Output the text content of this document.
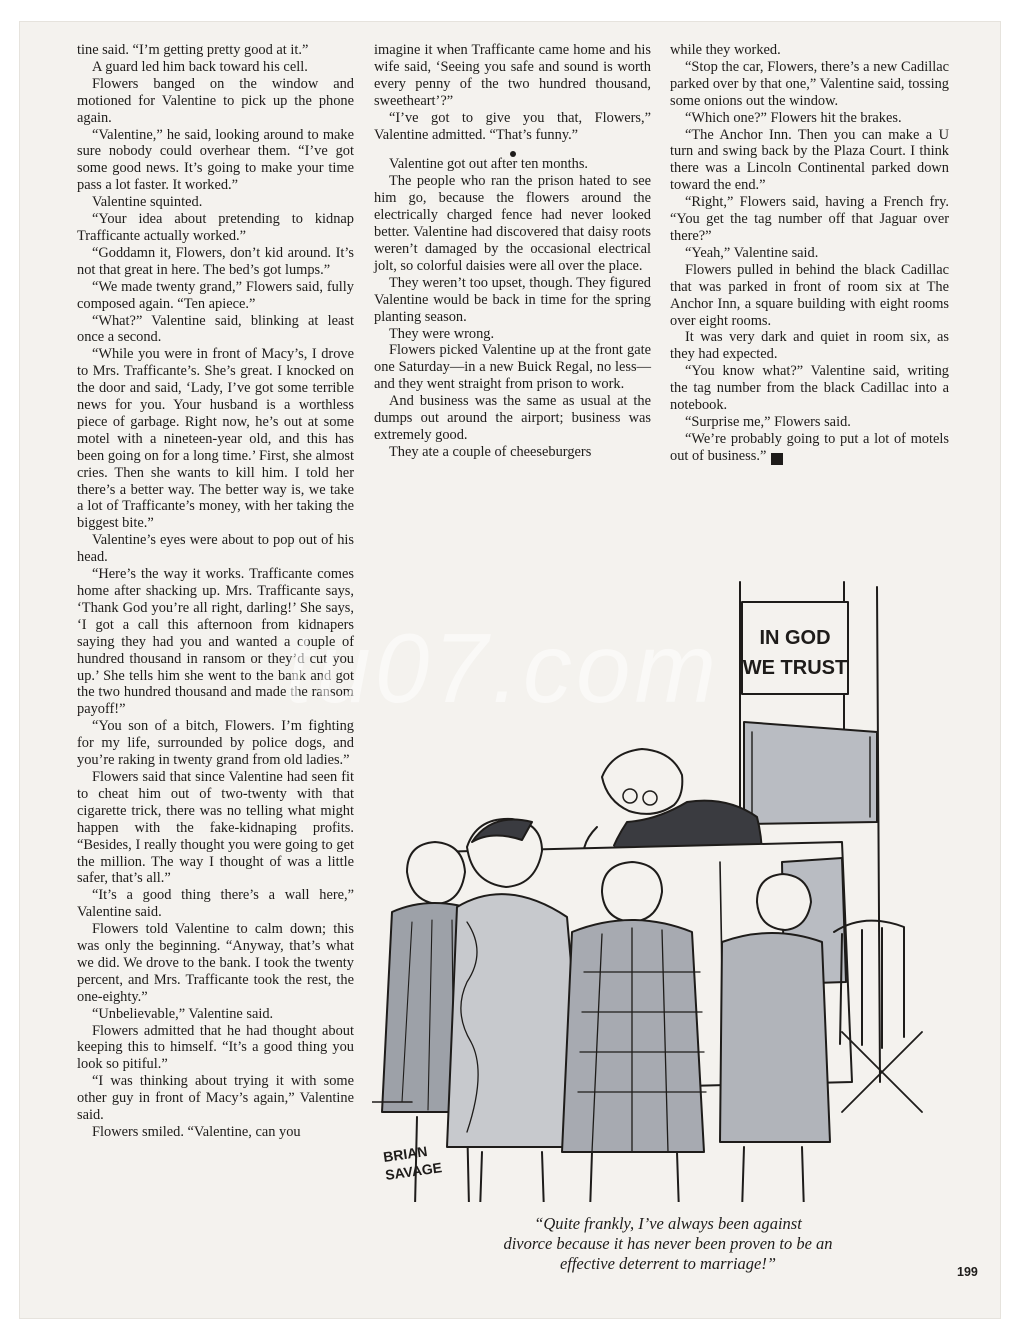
tine said. “I’m getting pretty good at it.”

A guard led him back toward his cell.

Flowers banged on the window and motioned for Valentine to pick up the phone again.

“Valentine,” he said, looking around to make sure nobody could overhear them. “I’ve got some good news. It’s going to make your time pass a lot faster. It worked.”

Valentine squinted.

“Your idea about pretending to kidnap Trafficante actually worked.”

“Goddamn it, Flowers, don’t kid around. It’s not that great in here. The bed’s got lumps.”

“We made twenty grand,” Flowers said, fully composed again. “Ten apiece.”

“What?” Valentine said, blinking at least once a second.

“While you were in front of Macy’s, I drove to Mrs. Trafficante’s. She’s great. I knocked on the door and said, ‘Lady, I’ve got some terrible news for you. Your husband is a worthless piece of garbage. Right now, he’s out at some motel with a nineteen-year old, and this has been going on for a long time.’ First, she almost cries. Then she wants to kill him. I told her there’s a better way. The better way is, we take a lot of Trafficante’s money, with her taking the biggest bite.”

Valentine’s eyes were about to pop out of his head.

“Here’s the way it works. Trafficante comes home after shacking up. Mrs. Trafficante says, ‘Thank God you’re all right, darling!’ She says, ‘I got a call this afternoon from kidnapers saying they had you and wanted a couple of hundred thousand in ransom or they’d cut you up.’ She tells him she went to the bank and got the two hundred thousand and made the ransom payoff!”

“You son of a bitch, Flowers. I’m fighting for my life, surrounded by police dogs, and you’re raking in twenty grand from old ladies.”

Flowers said that since Valentine had seen fit to cheat him out of two-twenty with that cigarette trick, there was no telling what might happen with the fake-kidnaping profits. “Besides, I really thought you were going to get the million. The way I thought of was a little safer, that’s all.”

“It’s a good thing there’s a wall here,” Valentine said.

Flowers told Valentine to calm down; this was only the beginning. “Anyway, that’s what we did. We drove to the bank. I took the twenty percent, and Mrs. Trafficante took the rest, the one-eighty.”

“Unbelievable,” Valentine said.

Flowers admitted that he had thought about keeping this to himself. “It’s a good thing you look so pitiful.”

“I was thinking about trying it with some other guy in front of Macy’s again,” Valentine said.

Flowers smiled. “Valentine, can you

imagine it when Trafficante came home and his wife said, ‘Seeing you safe and sound is worth every penny of the two hundred thousand, sweetheart’?”

“I’ve got to give you that, Flowers,” Valentine admitted. “That’s funny.”

Valentine got out after ten months.

The people who ran the prison hated to see him go, because the flowers around the electrically charged fence had never looked better. Valentine had discovered that daisy roots weren’t damaged by the occasional electrical jolt, so colorful daisies were all over the place.

They weren’t too upset, though. They figured Valentine would be back in time for the spring planting season.

They were wrong.

Flowers picked Valentine up at the front gate one Saturday—in a new Buick Regal, no less—and they went straight from prison to work.

And business was the same as usual at the dumps out around the airport; business was extremely good.

They ate a couple of cheeseburgers

while they worked.

“Stop the car, Flowers, there’s a new Cadillac parked over by that one,” Valentine said, tossing some onions out the window.

“Which one?” Flowers hit the brakes.

“The Anchor Inn. Then you can make a U turn and swing back by the Plaza Court. I think there was a Lincoln Continental parked down toward the end.”

“Right,” Flowers said, having a French fry. “You get the tag number off that Jaguar over there?”

“Yeah,” Valentine said.

Flowers pulled in behind the black Cadillac that was parked in front of room six at The Anchor Inn, a square building with eight rooms over eight rooms.

It was very dark and quiet in room six, as they had expected.

“You know what?” Valentine said, writing the tag number from the black Cadillac into a notebook.

“Surprise me,” Flowers said.

“We’re probably going to put a lot of motels out of business.” ■

IN GOD
WE TRUST
BRIAN
SAVAGE
“Quite frankly, I’ve always been against
divorce because it has never been proven to be an
effective deterrent to marriage!”	199
tu07.com
